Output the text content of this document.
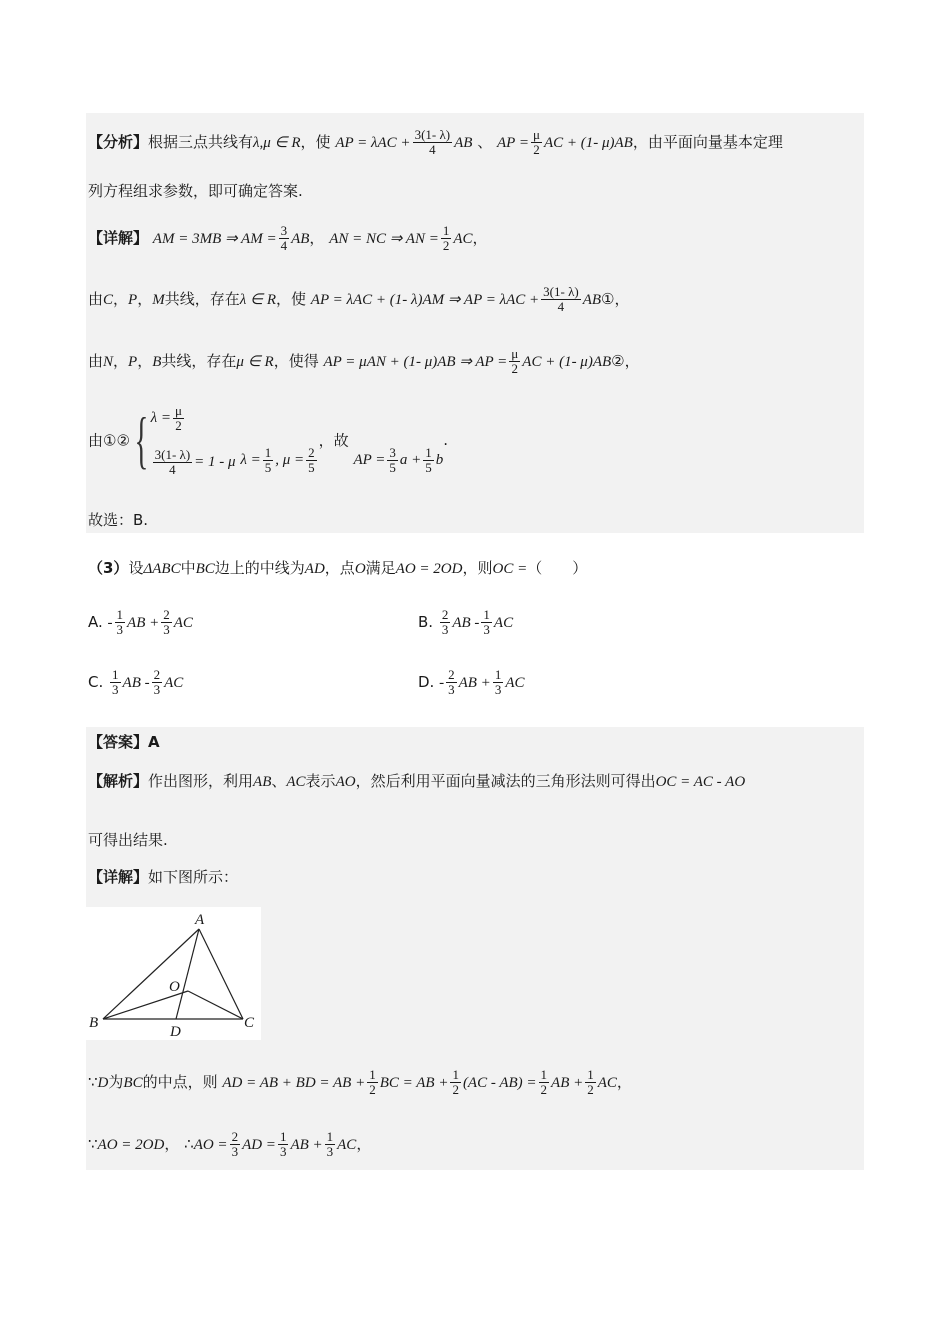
【分析】根据三点共线有λ,μ ∈ R，使 AP = $\lambda AC + \frac{3(1- \lambda)}{4}$ AB 、 AP = $\frac{\mu}{2}$ AC + (1- μ)AB，由平面向量基本定理
列方程组求参数，即可确定答案.
【详解】 AM = 3MB ⇒ AM = $\frac{3}{4}$ AB， AN = NC ⇒ AN = $\frac{1}{2}$ AC，
由C，P，M共线，存在λ ∈ R，使 AP = λAC + (1- λ)AM ⇒ AP = $\lambda AC + \frac{3(1- \lambda)}{4}$ AB①，
由N，P，B共线，存在μ ∈ R，使得 AP = μAN + (1- μ)AB ⇒ AP = $\frac{\mu}{2}$ AC + (1- μ)AB②，
由①②{ $\lambda = \frac{\mu}{2}$
$\frac{3(1- \lambda)}{4} = 1 - \mu$ $\lambda = \frac{1}{5}$ , $\mu = \frac{2}{5}$
，故 AP = $\frac{3}{5}$ $a + \frac{1}{5} b$.
故选：B.
（3）设ΔABC中BC边上的中线为AD，点O满足AO = 2OD，则OC =（　　）
A. - $\frac{1}{3}$ AB + $\frac{2}{3}$ AC	B. $\frac{2}{3}$ AB - $\frac{1}{3}$ AC
C. $\frac{1}{3}$ AB - $\frac{2}{3}$ AC	D. - $\frac{2}{3}$ AB + $\frac{1}{3}$ AC
【答案】A
【解析】作出图形，利用AB、AC表示AO，然后利用平面向量减法的三角形法则可得出OC = AC - AO
可得出结果.
【详解】如下图所示：
A
B	C
D
O
∵D为BC的中点，则 AD = AB + BD = AB + $\frac{1}{2}$ BC = AB + $\frac{1}{2} (AC - AB) = \frac{1}{2}$ AB + $\frac{1}{2}$ AC，
∵AO = 2OD， ∴AO = $\frac{2}{3}$ AD = $\frac{1}{3}$ AB + $\frac{1}{3}$ AC，
